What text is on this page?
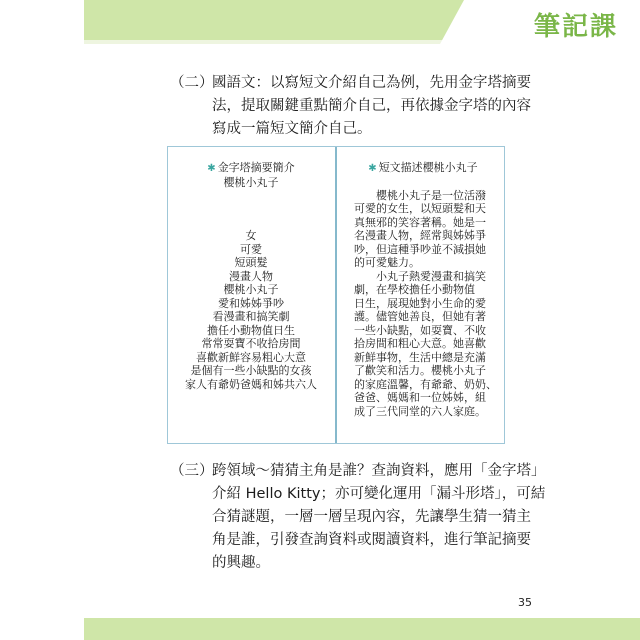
筆記課
（二）
國語文：以寫短文介紹自己為例，先用金字塔摘要
法，提取關鍵重點簡介自己，再依據金字塔的內容
寫成一篇短文簡介自己。
✱ 金字塔摘要簡介
櫻桃小丸子
女
可愛
短頭髮
漫畫人物
櫻桃小丸子
愛和姊姊爭吵
看漫畫和搞笑劇
擔任小動物值日生
常常耍寶不收拾房間
喜歡新鮮容易粗心大意
是個有一些小缺點的女孩
家人有爺奶爸媽和姊共六人
✱ 短文描述櫻桃小丸子
櫻桃小丸子是一位活潑
可愛的女生，以短頭髮和天
真無邪的笑容著稱。她是一
名漫畫人物，經常與姊姊爭
吵，但這種爭吵並不減損她
的可愛魅力。
小丸子熱愛漫畫和搞笑
劇，在學校擔任小動物值
日生，展現她對小生命的愛
護。儘管她善良，但她有著
一些小缺點，如耍寶、不收
拾房間和粗心大意。她喜歡
新鮮事物，生活中總是充滿
了歡笑和活力。櫻桃小丸子
的家庭溫馨，有爺爺、奶奶、
爸爸、媽媽和一位姊姊，組
成了三代同堂的六人家庭。
（三）
跨領域～猜猜主角是誰？查詢資料，應用「金字塔」
介紹 Hello Kitty；亦可變化運用「漏斗形塔」，可結
合猜謎題，一層一層呈現內容，先讓學生猜一猜主
角是誰，引發查詢資料或閱讀資料，進行筆記摘要
的興趣。
35
